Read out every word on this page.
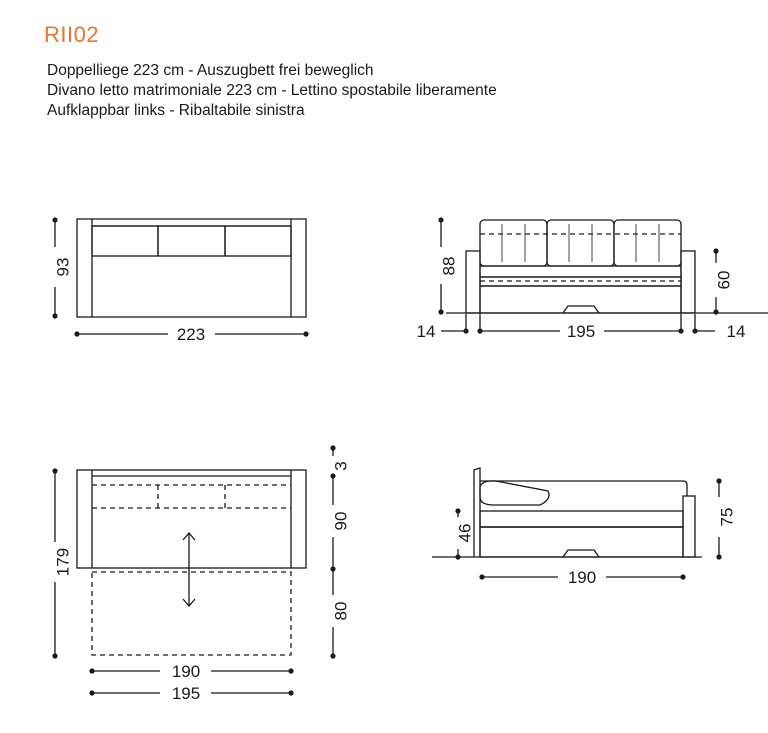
RII02
Doppelliege 223 cm - Auszugbett frei beweglich
Divano letto matrimoniale 223 cm - Lettino spostabile liberamente
Aufklappbar links - Ribaltabile sinistra
93
223
88
60
14	195	14
3
90
80
179
190
195
46
75
190
